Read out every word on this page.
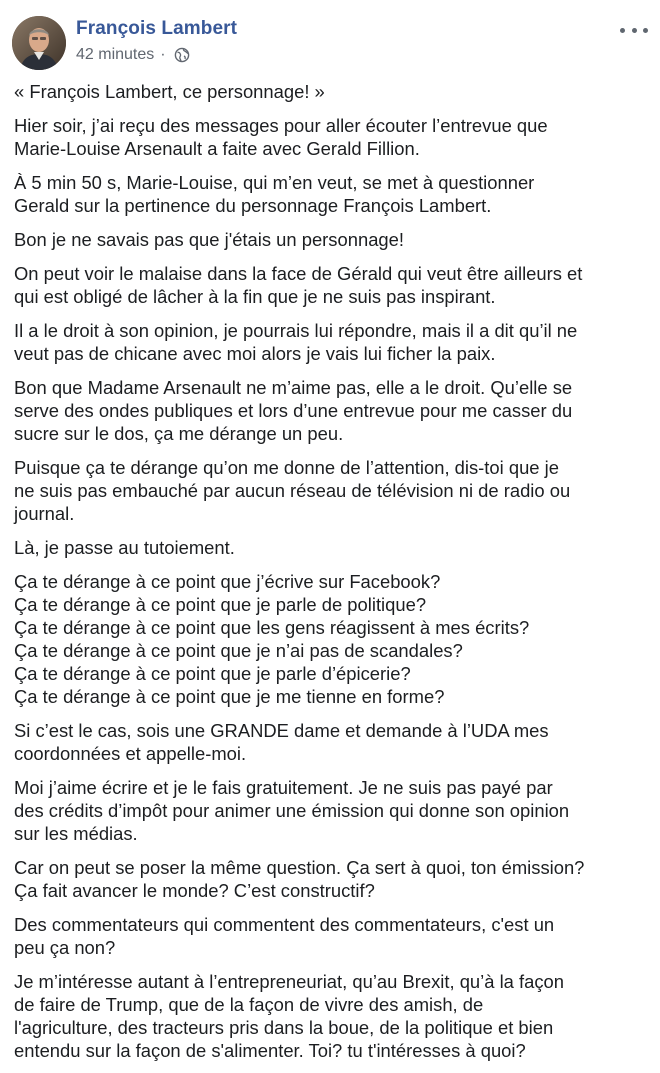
François Lambert
42 minutes ·

« François Lambert, ce personnage! »

Hier soir, j’ai reçu des messages pour aller écouter l’entrevue que
Marie-Louise Arsenault a faite avec Gerald Fillion.

À 5 min 50 s, Marie-Louise, qui m’en veut, se met à questionner
Gerald sur la pertinence du personnage François Lambert.

Bon je ne savais pas que j'étais un personnage!

On peut voir le malaise dans la face de Gérald qui veut être ailleurs et
qui est obligé de lâcher à la fin que je ne suis pas inspirant.

Il a le droit à son opinion, je pourrais lui répondre, mais il a dit qu’il ne
veut pas de chicane avec moi alors je vais lui ficher la paix.

Bon que Madame Arsenault ne m’aime pas, elle a le droit. Qu’elle se
serve des ondes publiques et lors d’une entrevue pour me casser du
sucre sur le dos, ça me dérange un peu.

Puisque ça te dérange qu’on me donne de l’attention, dis-toi que je
ne suis pas embauché par aucun réseau de télévision ni de radio ou
journal.

Là, je passe au tutoiement.

Ça te dérange à ce point que j’écrive sur Facebook?
Ça te dérange à ce point que je parle de politique?
Ça te dérange à ce point que les gens réagissent à mes écrits?
Ça te dérange à ce point que je n’ai pas de scandales?
Ça te dérange à ce point que je parle d’épicerie?
Ça te dérange à ce point que je me tienne en forme?

Si c’est le cas, sois une GRANDE dame et demande à l’UDA mes
coordonnées et appelle-moi.

Moi j’aime écrire et je le fais gratuitement. Je ne suis pas payé par
des crédits d’impôt pour animer une émission qui donne son opinion
sur les médias.

Car on peut se poser la même question. Ça sert à quoi, ton émission?
Ça fait avancer le monde? C’est constructif?

Des commentateurs qui commentent des commentateurs, c'est un
peu ça non?

Je m’intéresse autant à l’entrepreneuriat, qu’au Brexit, qu’à la façon
de faire de Trump, que de la façon de vivre des amish, de
l'agriculture, des tracteurs pris dans la boue, de la politique et bien
entendu sur la façon de s'alimenter. Toi? tu t'intéresses à quoi?
